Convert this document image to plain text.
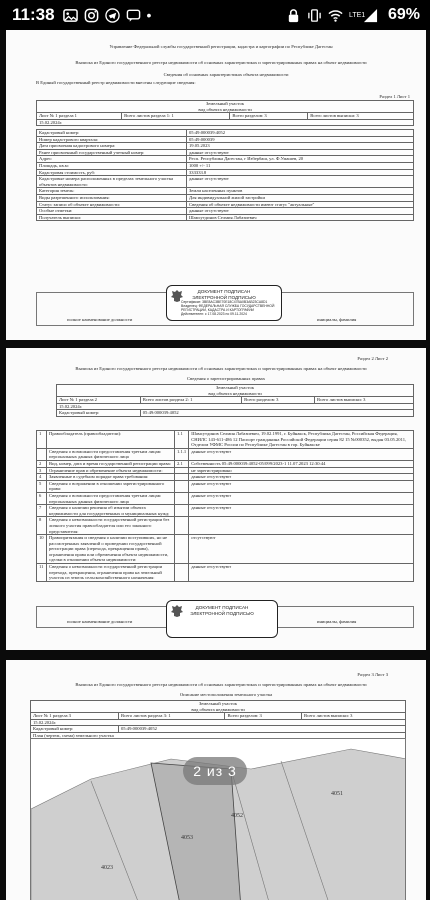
11:38	•	LTE1 69%
Управление Федеральной службы государственной регистрации, кадастра и картографии по Республике Дагестан
Выписка из Единого государственного реестра недвижимости об основных характеристиках и зарегистрированных правах на объект недвижимости
Сведения об основных характеристиках объекта недвижимости
В Единый государственный реестр недвижимости внесены следующие сведения:
Раздел 1 Лист 1
Земельный участок
вид объекта недвижимости
Лист № 1 раздела 1	Всего листов раздела 1: 1	Всего разделов: 3	Всего листов выписки: 3
15.02.2024г.
Кадастровый номер:	05:49:000039:4052
Номер кадастрового квартала:	05:49:000039
Дата присвоения кадастрового номера:	19.05.2023
Ранее присвоенный государственный учетный номер:	данные отсутствуют
Адрес:	Респ. Республика Дагестан, г Избербаш, ул. Ф.Умашев, 20
Площадь, кв.м:	1000 +/- 11
Кадастровая стоимость, руб:	333333.8
Кадастровые номера расположенных в пределах земельного участка объектов недвижимости:	данные отсутствуют
Категория земель:	Земли населенных пунктов
Виды разрешенного использования:	Для индивидуальной жилой застройки
Статус записи об объекте недвижимости:	Сведения об объекте недвижимости имеют статус "актуальные"
Особые отметки:	данные отсутствуют
Получатель выписки:	Шамсутдинов Селмия Лабазиевич
полное наименование должности	инициалы, фамилия
ДОКУМЕНТ ПОДПИСАН
ЭЛЕКТРОННОЙ ПОДПИСЬЮ
Сертификат: 3ВЕ8AC3BE70E18C47BA0B3AB23CA8D1
Владелец: ФЕДЕРАЛЬНАЯ СЛУЖБА ГОСУДАРСТВЕННОЙ
РЕГИСТРАЦИИ, КАДАСТРА И КАРТОГРАФИИ
Действителен: с 17.08.2023 по 09.11.2024
Раздел 2 Лист 2
Выписка из Единого государственного реестра недвижимости об основных характеристиках и зарегистрированных правах на объект недвижимости
Сведения о зарегистрированных правах
Земельный участок			
вид объекта недвижимости			
Лист № 1 раздела 2	Всего листов раздела 2: 1	Всего разделов: 3	Всего листов выписки: 3
15.02.2024г.			
Кадастровый номер:	05:49:000039:4052		
1	Правообладатель (правообладатели):	1.1	Шамсутдинов Селмия Лабазиевич, 19.02.1991, г. Буйнакск, Республика Дагестан, Российская Федерация, СНИЛС 143-611-486 12 Паспорт гражданина Российской Федерации серия 82 15 №000352, выдан 03.05.2011, Отделом УФМС России по Республике Дагестан в гор. Буйнакске
	Сведения о возможности предоставления третьим лицам персональных данных физического лица	1.1.1	данные отсутствуют
2	Вид, номер, дата и время государственной регистрации права:	2.1	Собственность 05:49:000039:4052-05/099/2023-1 11.07.2023 12:30:44
3	Ограничение прав и обременение объекта недвижимости:		не зарегистрировано
4	Заявленные в судебном порядке права требования:		данные отсутствуют
5	Сведения о возражении в отношении зарегистрированного права:		данные отсутствуют
6	Сведения о возможности предоставления третьим лицам персональных данных физического лица		данные отсутствуют
7	Сведения о наличии решения об изъятии объекта недвижимости для государственных и муниципальных нужд:		данные отсутствуют
8	Сведения о невозможности государственной регистрации без личного участия правообладателя или его законного представителя:		
10	Правопритязания и сведения о наличии поступивших, но не рассмотренных заявлений о проведении государственной регистрации права (перехода, прекращения права), ограничения права или обременения объекта недвижимости, сделки в отношении объекта недвижимости:		отсутствуют
11	Сведения о невозможности государственной регистрации перехода, прекращения, ограничения права на земельный участок из земель сельскохозяйственного назначения:		данные отсутствуют
полное наименование должности	инициалы, фамилия
ДОКУМЕНТ ПОДПИСАН
ЭЛЕКТРОННОЙ ПОДПИСЬЮ
Раздел 3 Лист 3
Выписка из Единого государственного реестра недвижимости об основных характеристиках и зарегистрированных правах на объект недвижимости
Описание местоположения земельного участка
Земельный участок			
вид объекта недвижимости			
Лист № 1 раздела 3	Всего листов раздела 3: 1	Всего разделов: 3	Всего листов выписки: 3
15.02.2024г.			
Кадастровый номер:	05:49:000039:4052		
План (чертеж, схема) земельного участка			
4053
4052
4051
4023
2 из 3
